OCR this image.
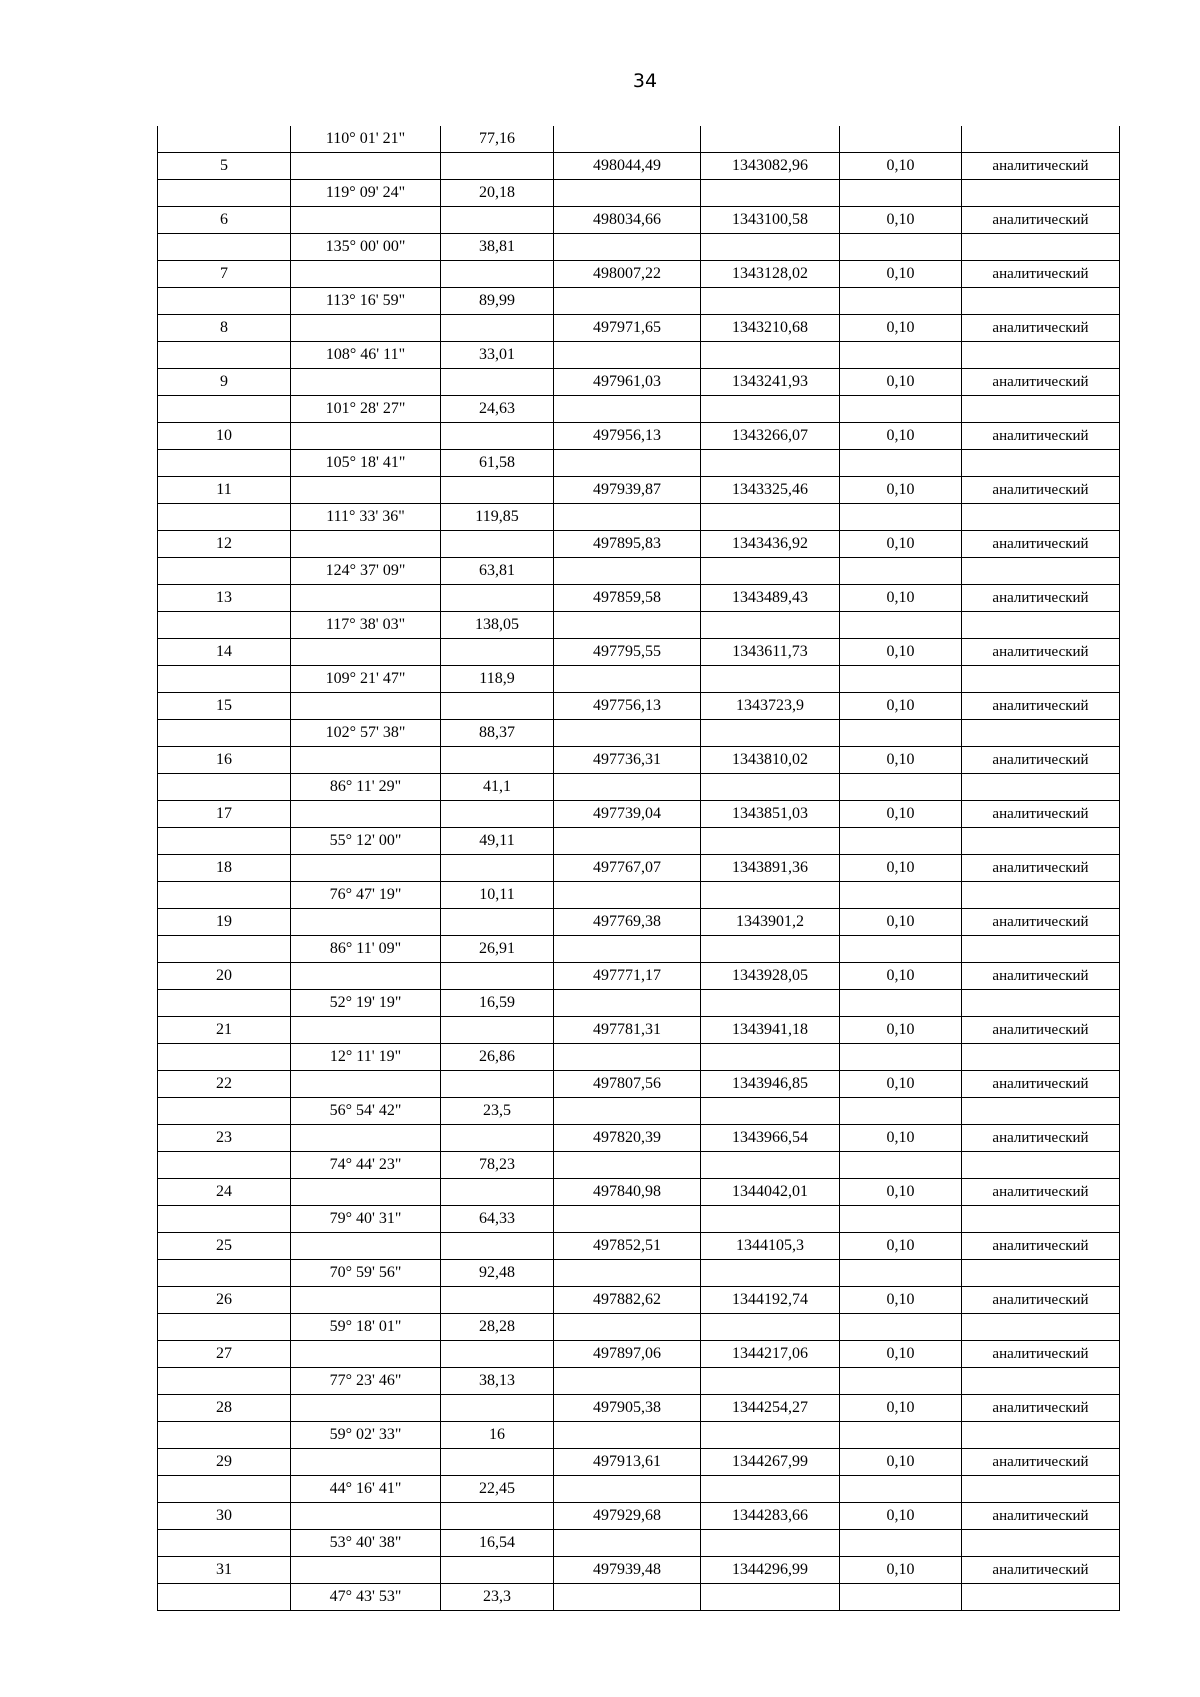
34
	110° 01' 21"	77,16				
5			498044,49	1343082,96	0,10	аналитический
	119° 09' 24"	20,18				
6			498034,66	1343100,58	0,10	аналитический
	135° 00' 00"	38,81				
7			498007,22	1343128,02	0,10	аналитический
	113° 16' 59"	89,99				
8			497971,65	1343210,68	0,10	аналитический
	108° 46' 11"	33,01				
9			497961,03	1343241,93	0,10	аналитический
	101° 28' 27"	24,63				
10			497956,13	1343266,07	0,10	аналитический
	105° 18' 41"	61,58				
11			497939,87	1343325,46	0,10	аналитический
	111° 33' 36"	119,85				
12			497895,83	1343436,92	0,10	аналитический
	124° 37' 09"	63,81				
13			497859,58	1343489,43	0,10	аналитический
	117° 38' 03"	138,05				
14			497795,55	1343611,73	0,10	аналитический
	109° 21' 47"	118,9				
15			497756,13	1343723,9	0,10	аналитический
	102° 57' 38"	88,37				
16			497736,31	1343810,02	0,10	аналитический
	86° 11' 29"	41,1				
17			497739,04	1343851,03	0,10	аналитический
	55° 12' 00"	49,11				
18			497767,07	1343891,36	0,10	аналитический
	76° 47' 19"	10,11				
19			497769,38	1343901,2	0,10	аналитический
	86° 11' 09"	26,91				
20			497771,17	1343928,05	0,10	аналитический
	52° 19' 19"	16,59				
21			497781,31	1343941,18	0,10	аналитический
	12° 11' 19"	26,86				
22			497807,56	1343946,85	0,10	аналитический
	56° 54' 42"	23,5				
23			497820,39	1343966,54	0,10	аналитический
	74° 44' 23"	78,23				
24			497840,98	1344042,01	0,10	аналитический
	79° 40' 31"	64,33				
25			497852,51	1344105,3	0,10	аналитический
	70° 59' 56"	92,48				
26			497882,62	1344192,74	0,10	аналитический
	59° 18' 01"	28,28				
27			497897,06	1344217,06	0,10	аналитический
	77° 23' 46"	38,13				
28			497905,38	1344254,27	0,10	аналитический
	59° 02' 33"	16				
29			497913,61	1344267,99	0,10	аналитический
	44° 16' 41"	22,45				
30			497929,68	1344283,66	0,10	аналитический
	53° 40' 38"	16,54				
31			497939,48	1344296,99	0,10	аналитический
	47° 43' 53"	23,3				
